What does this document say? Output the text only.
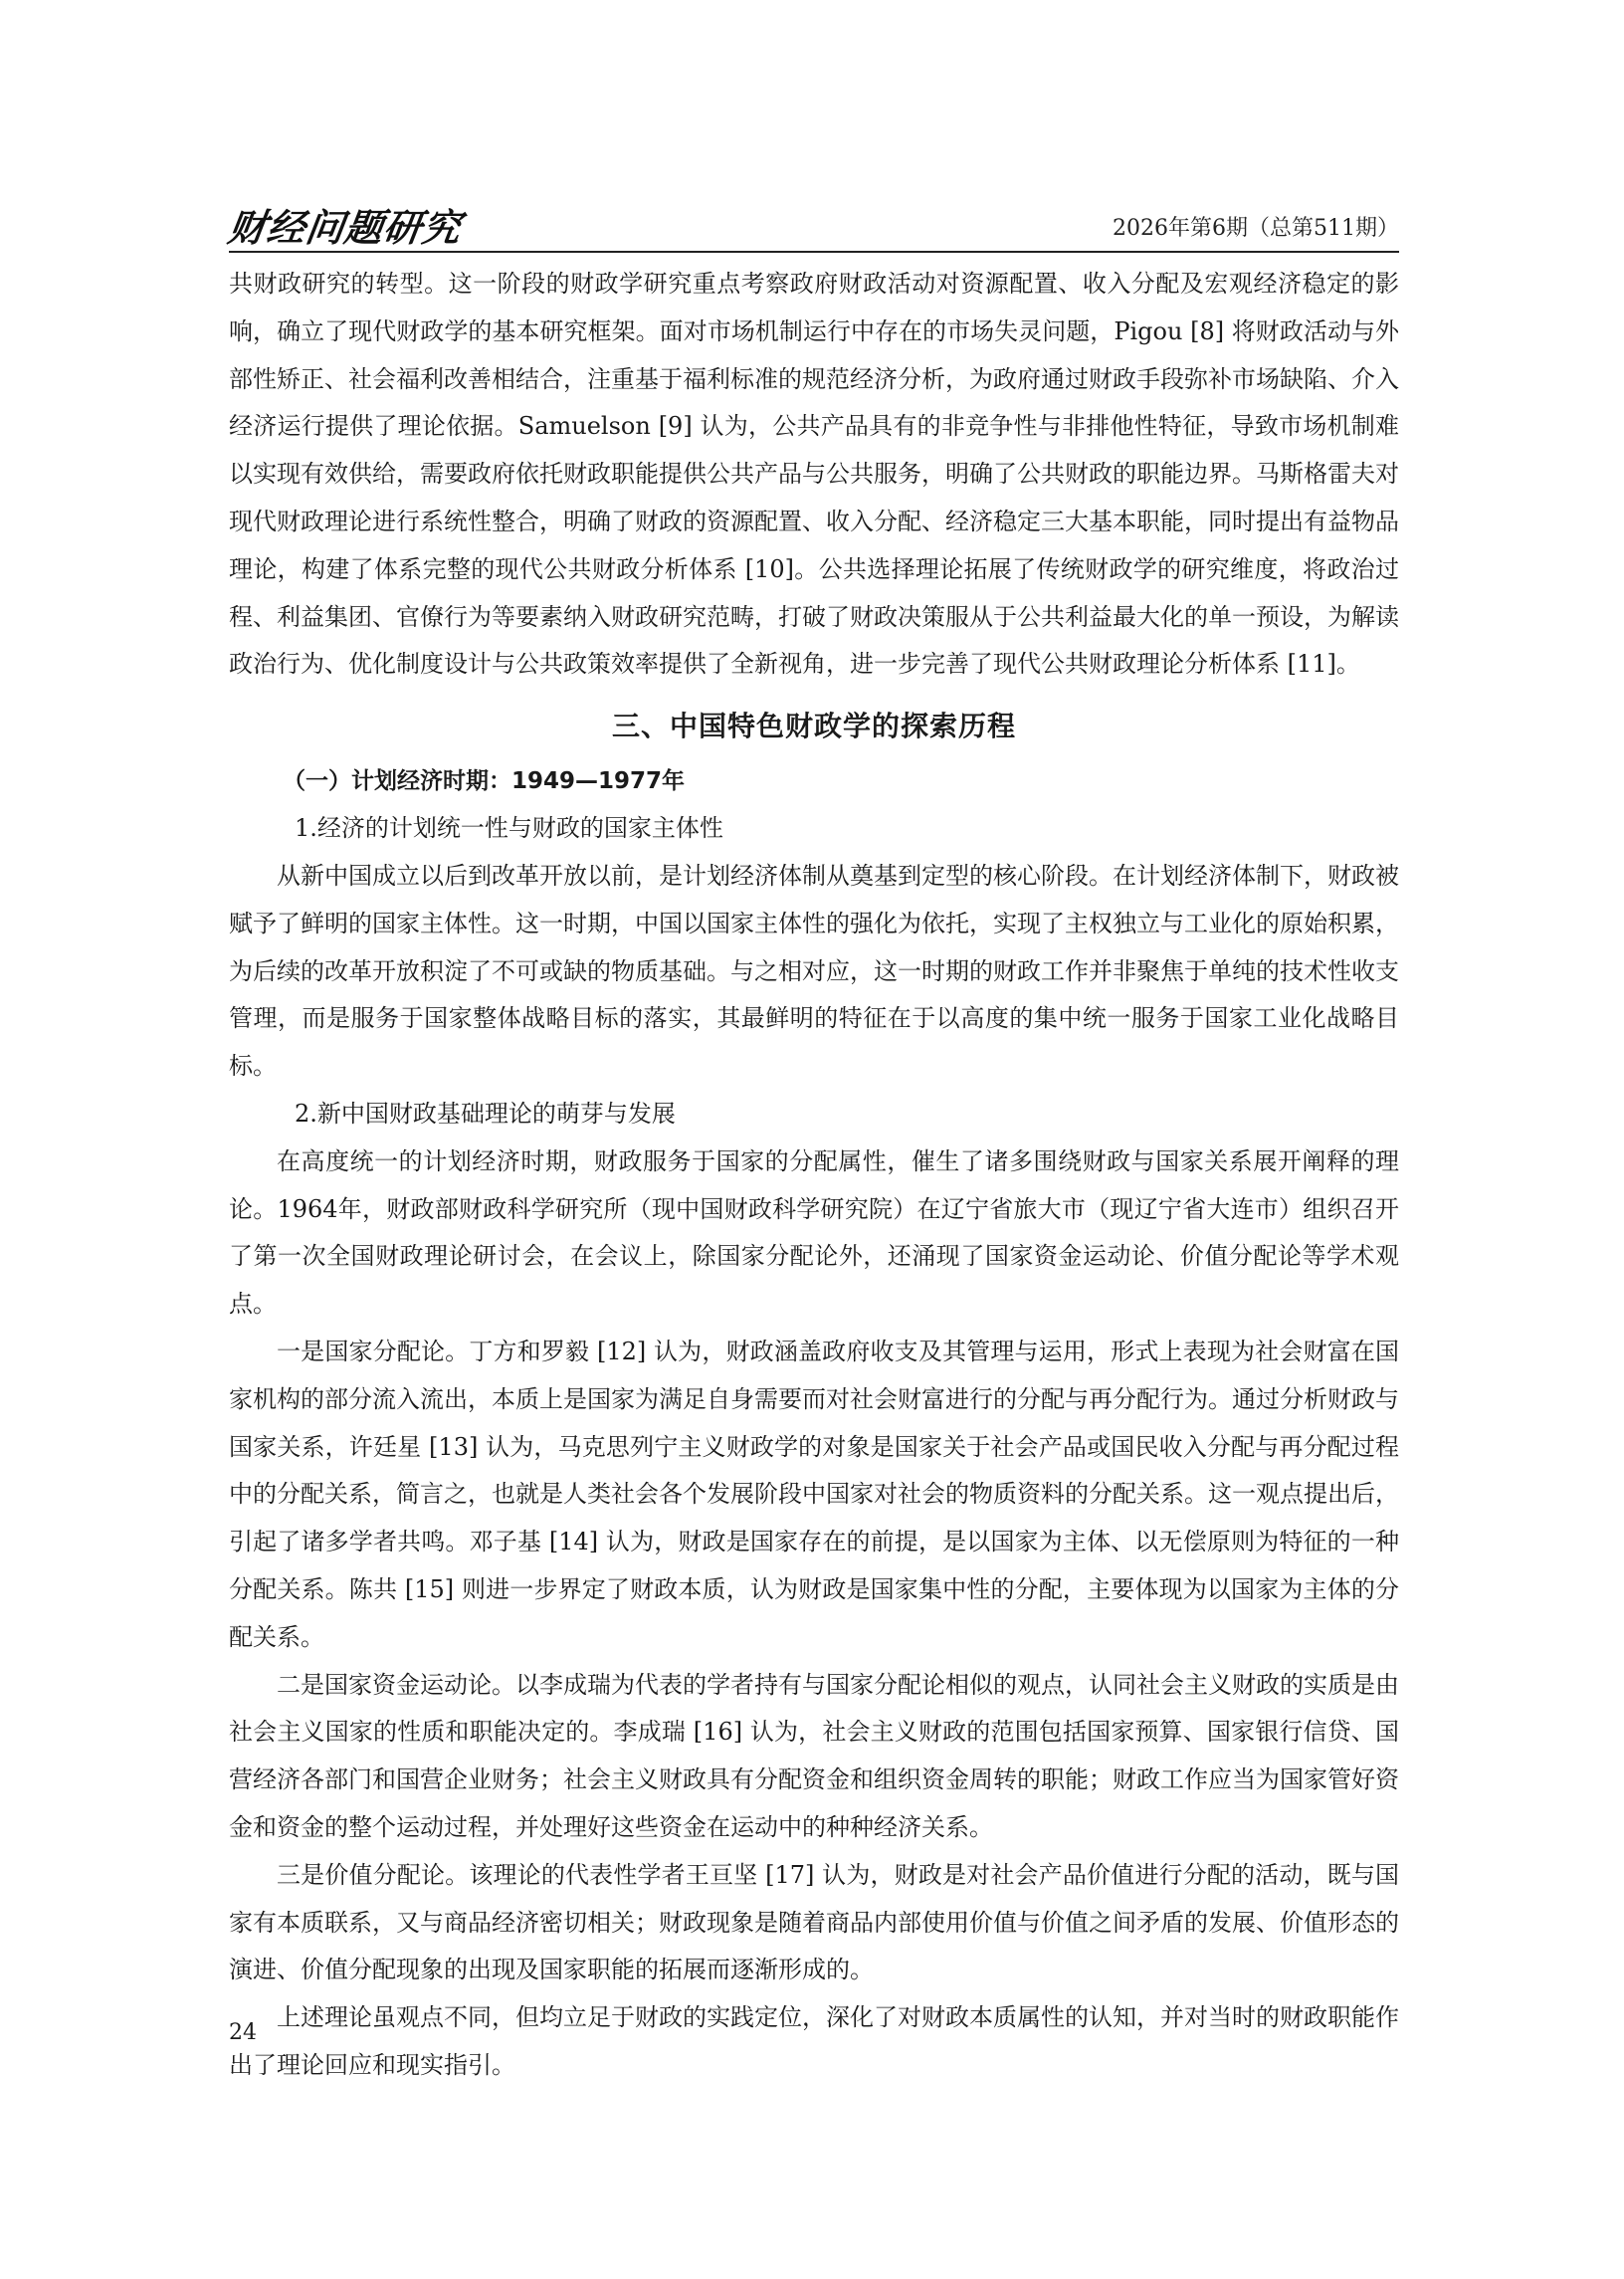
财经问题研究	2026年第6期（总第511期）

共财政研究的转型。这一阶段的财政学研究重点考察政府财政活动对资源配置、收入分配及宏观经济稳定的影响，确立了现代财政学的基本研究框架。面对市场机制运行中存在的市场失灵问题，Pigou [8] 将财政活动与外部性矫正、社会福利改善相结合，注重基于福利标准的规范经济分析，为政府通过财政手段弥补市场缺陷、介入经济运行提供了理论依据。Samuelson [9] 认为，公共产品具有的非竞争性与非排他性特征，导致市场机制难以实现有效供给，需要政府依托财政职能提供公共产品与公共服务，明确了公共财政的职能边界。马斯格雷夫对现代财政理论进行系统性整合，明确了财政的资源配置、收入分配、经济稳定三大基本职能，同时提出有益物品理论，构建了体系完整的现代公共财政分析体系 [10]。公共选择理论拓展了传统财政学的研究维度，将政治过程、利益集团、官僚行为等要素纳入财政研究范畴，打破了财政决策服从于公共利益最大化的单一预设，为解读政治行为、优化制度设计与公共政策效率提供了全新视角，进一步完善了现代公共财政理论分析体系 [11]。

三、中国特色财政学的探索历程
（一）计划经济时期：1949—1977年

1.经济的计划统一性与财政的国家主体性

从新中国成立以后到改革开放以前，是计划经济体制从奠基到定型的核心阶段。在计划经济体制下，财政被赋予了鲜明的国家主体性。这一时期，中国以国家主体性的强化为依托，实现了主权独立与工业化的原始积累，为后续的改革开放积淀了不可或缺的物质基础。与之相对应，这一时期的财政工作并非聚焦于单纯的技术性收支管理，而是服务于国家整体战略目标的落实，其最鲜明的特征在于以高度的集中统一服务于国家工业化战略目标。

2.新中国财政基础理论的萌芽与发展

在高度统一的计划经济时期，财政服务于国家的分配属性，催生了诸多围绕财政与国家关系展开阐释的理论。1964年，财政部财政科学研究所（现中国财政科学研究院）在辽宁省旅大市（现辽宁省大连市）组织召开了第一次全国财政理论研讨会，在会议上，除国家分配论外，还涌现了国家资金运动论、价值分配论等学术观点。

一是国家分配论。丁方和罗毅 [12] 认为，财政涵盖政府收支及其管理与运用，形式上表现为社会财富在国家机构的部分流入流出，本质上是国家为满足自身需要而对社会财富进行的分配与再分配行为。通过分析财政与国家关系，许廷星 [13] 认为，马克思列宁主义财政学的对象是国家关于社会产品或国民收入分配与再分配过程中的分配关系，简言之，也就是人类社会各个发展阶段中国家对社会的物质资料的分配关系。这一观点提出后，引起了诸多学者共鸣。邓子基 [14] 认为，财政是国家存在的前提，是以国家为主体、以无偿原则为特征的一种分配关系。陈共 [15] 则进一步界定了财政本质，认为财政是国家集中性的分配，主要体现为以国家为主体的分配关系。

二是国家资金运动论。以李成瑞为代表的学者持有与国家分配论相似的观点，认同社会主义财政的实质是由社会主义国家的性质和职能决定的。李成瑞 [16] 认为，社会主义财政的范围包括国家预算、国家银行信贷、国营经济各部门和国营企业财务；社会主义财政具有分配资金和组织资金周转的职能；财政工作应当为国家管好资金和资金的整个运动过程，并处理好这些资金在运动中的种种经济关系。

三是价值分配论。该理论的代表性学者王亘坚 [17] 认为，财政是对社会产品价值进行分配的活动，既与国家有本质联系，又与商品经济密切相关；财政现象是随着商品内部使用价值与价值之间矛盾的发展、价值形态的演进、价值分配现象的出现及国家职能的拓展而逐渐形成的。

上述理论虽观点不同，但均立足于财政的实践定位，深化了对财政本质属性的认知，并对当时的财政职能作出了理论回应和现实指引。

24
